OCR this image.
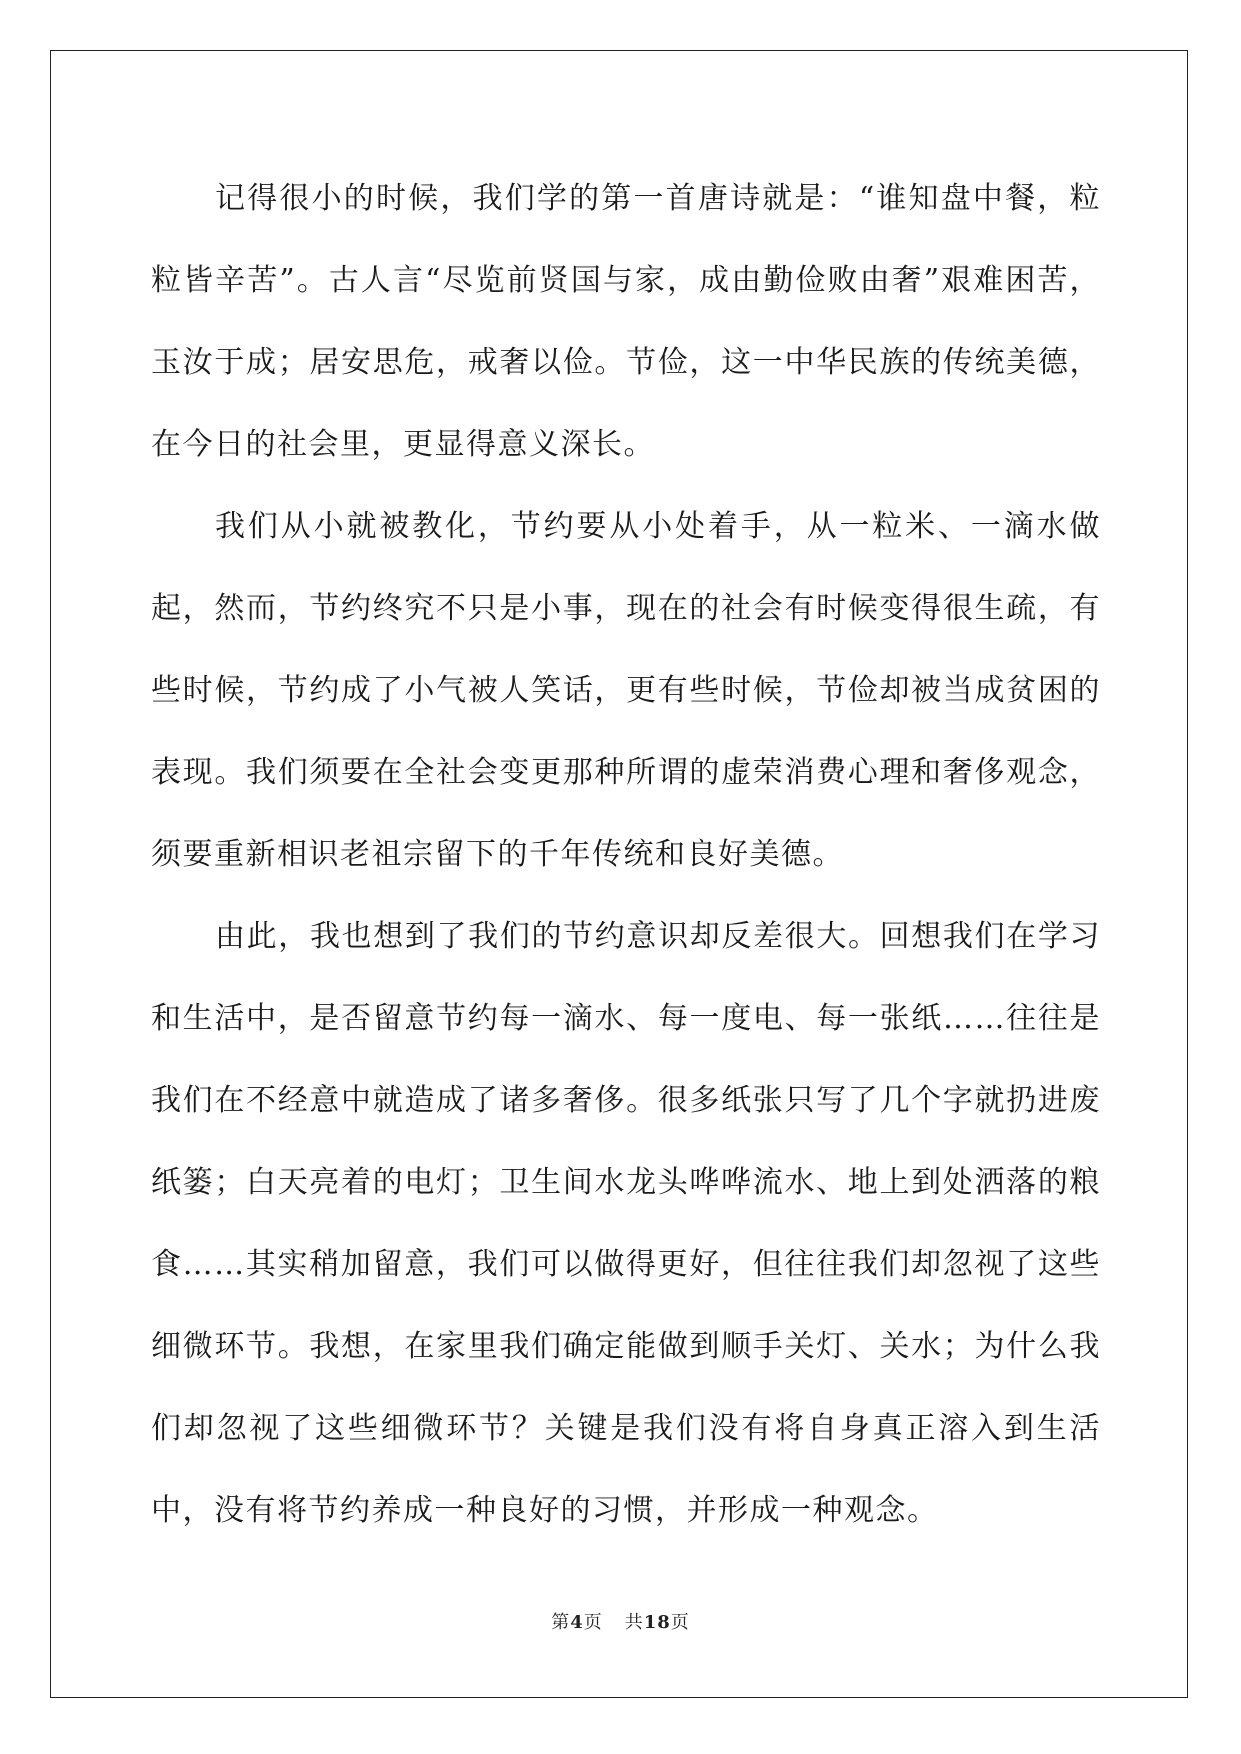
记得很小的时候，我们学的第一首唐诗就是：“谁知盘中餐，粒粒皆辛苦”。古人言“尽览前贤国与家，成由勤俭败由奢”艰难困苦，玉汝于成；居安思危，戒奢以俭。节俭，这一中华民族的传统美德，在今日的社会里，更显得意义深长。

我们从小就被教化，节约要从小处着手，从一粒米、一滴水做起，然而，节约终究不只是小事，现在的社会有时候变得很生疏，有些时候，节约成了小气被人笑话，更有些时候，节俭却被当成贫困的表现。我们须要在全社会变更那种所谓的虚荣消费心理和奢侈观念，须要重新相识老祖宗留下的千年传统和良好美德。

由此，我也想到了我们的节约意识却反差很大。回想我们在学习和生活中，是否留意节约每一滴水、每一度电、每一张纸……往往是我们在不经意中就造成了诸多奢侈。很多纸张只写了几个字就扔进废纸篓；白天亮着的电灯；卫生间水龙头哗哗流水、地上到处洒落的粮食……其实稍加留意，我们可以做得更好，但往往我们却忽视了这些细微环节。我想，在家里我们确定能做到顺手关灯、关水；为什么我们却忽视了这些细微环节？关键是我们没有将自身真正溶入到生活中，没有将节约养成一种良好的习惯，并形成一种观念。

第4页 共18页
